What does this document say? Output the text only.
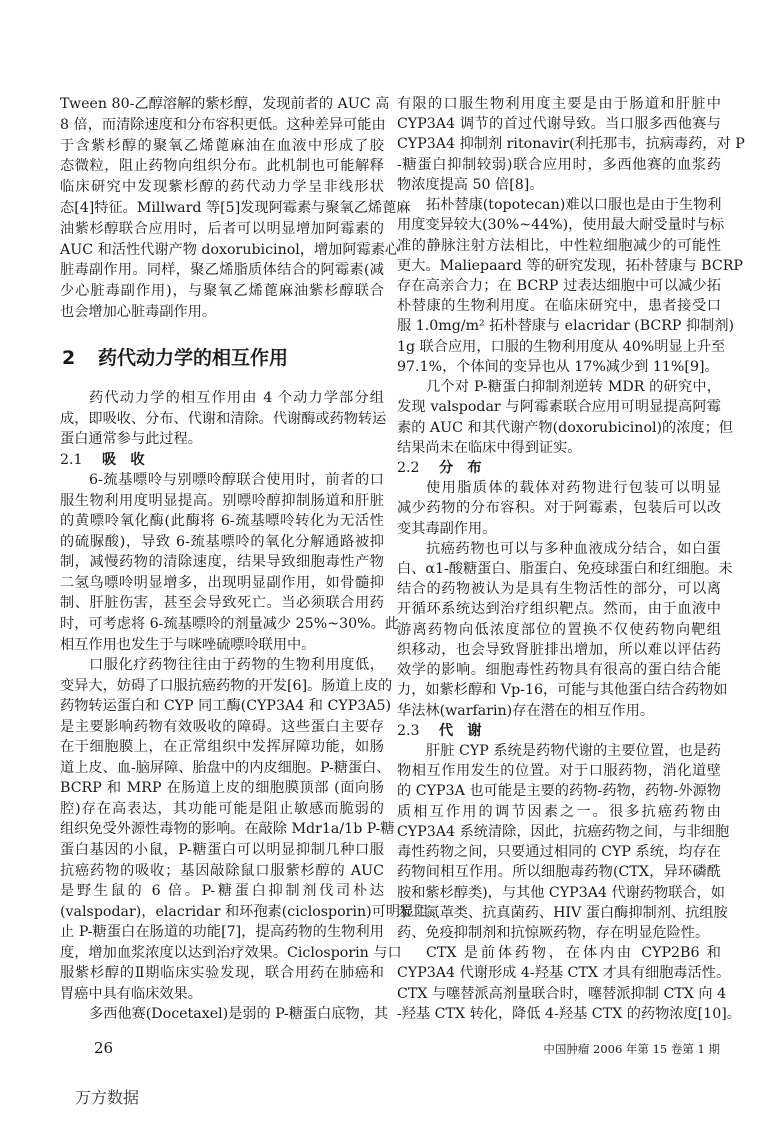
Tween 80-乙醇溶解的紫杉醇，发现前者的 AUC 高
8 倍，而清除速度和分布容积更低。这种差异可能由
于含紫杉醇的聚氧乙烯蓖麻油在血液中形成了胶
态微粒，阻止药物向组织分布。此机制也可能解释
临床研究中发现紫杉醇的药代动力学呈非线形状
态[4]特征。Millward 等[5]发现阿霉素与聚氧乙烯蓖麻
油紫杉醇联合应用时，后者可以明显增加阿霉素的
AUC 和活性代谢产物 doxorubicinol，增加阿霉素心
脏毒副作用。同样，聚乙烯脂质体结合的阿霉素(减
少心脏毒副作用)，与聚氧乙烯蓖麻油紫杉醇联合
也会增加心脏毒副作用。
2 药代动力学的相互作用
药代动力学的相互作用由 4 个动力学部分组
成，即吸收、分布、代谢和清除。代谢酶或药物转运
蛋白通常参与此过程。
2.1 吸　收
6-巯基嘌呤与别嘌呤醇联合使用时，前者的口
服生物利用度明显提高。别嘌呤醇抑制肠道和肝脏
的黄嘌呤氧化酶(此酶将 6-巯基嘌呤转化为无活性
的硫脲酸)，导致 6-巯基嘌呤的氧化分解通路被抑
制，减慢药物的清除速度，结果导致细胞毒性产物
二氢鸟嘌呤明显增多，出现明显副作用，如骨髓抑
制、肝脏伤害，甚至会导致死亡。当必须联合用药
时，可考虑将 6-巯基嘌呤的剂量减少 25%~30%。此
相互作用也发生于与咪唑硫嘌呤联用中。
口服化疗药物往往由于药物的生物利用度低，
变异大，妨碍了口服抗癌药物的开发[6]。肠道上皮的
药物转运蛋白和 CYP 同工酶(CYP3A4 和 CYP3A5)
是主要影响药物有效吸收的障碍。这些蛋白主要存
在于细胞膜上，在正常组织中发挥屏障功能，如肠
道上皮、血-脑屏障、胎盘中的内皮细胞。P-糖蛋白、
BCRP 和 MRP 在肠道上皮的细胞膜顶部 (面向肠
腔)存在高表达，其功能可能是阻止敏感而脆弱的
组织免受外源性毒物的影响。在敲除 Mdr1a/1b P-糖
蛋白基因的小鼠，P-糖蛋白可以明显抑制几种口服
抗癌药物的吸收；基因敲除鼠口服紫杉醇的 AUC
是野生鼠的 6 倍。P-糖蛋白抑制剂伐司朴达
(valspodar)，elacridar 和环孢素(ciclosporin)可明显阻
止 P-糖蛋白在肠道的功能[7]，提高药物的生物利用
度，增加血浆浓度以达到治疗效果。Ciclosporin 与口
服紫杉醇的Ⅱ期临床实验发现，联合用药在肺癌和
胃癌中具有临床效果。
多西他赛(Docetaxel)是弱的 P-糖蛋白底物，其
有限的口服生物利用度主要是由于肠道和肝脏中
CYP3A4 调节的首过代谢导致。当口服多西他赛与
CYP3A4 抑制剂 ritonavir(利托那韦，抗病毒药，对 P
-糖蛋白抑制较弱)联合应用时，多西他赛的血浆药
物浓度提高 50 倍[8]。
拓朴替康(topotecan)难以口服也是由于生物利
用度变异较大(30%~44%)，使用最大耐受量时与标
准的静脉注射方法相比，中性粒细胞减少的可能性
更大。Maliepaard 等的研究发现，拓朴替康与 BCRP
存在高亲合力；在 BCRP 过表达细胞中可以减少拓
朴替康的生物利用度。在临床研究中，患者接受口
服 1.0mg/m² 拓朴替康与 elacridar (BCRP 抑制剂)
1g 联合应用，口服的生物利用度从 40%明显上升至
97.1%，个体间的变异也从 17%减少到 11%[9]。
几个对 P-糖蛋白抑制剂逆转 MDR 的研究中，
发现 valspodar 与阿霉素联合应用可明显提高阿霉
素的 AUC 和其代谢产物(doxorubicinol)的浓度；但
结果尚未在临床中得到证实。
2.2 分　布
使用脂质体的载体对药物进行包装可以明显
减少药物的分布容积。对于阿霉素，包装后可以改
变其毒副作用。
抗癌药物也可以与多种血液成分结合，如白蛋
白、α1-酸糖蛋白、脂蛋白、免疫球蛋白和红细胞。未
结合的药物被认为是具有生物活性的部分，可以离
开循环系统达到治疗组织靶点。然而，由于血液中
游离药物向低浓度部位的置换不仅使药物向靶组
织移动，也会导致肾脏排出增加，所以难以评估药
效学的影响。细胞毒性药物具有很高的蛋白结合能
力，如紫杉醇和 Vp-16，可能与其他蛋白结合药物如
华法林(warfarin)存在潜在的相互作用。
2.3 代　谢
肝脏 CYP 系统是药物代谢的主要位置，也是药
物相互作用发生的位置。对于口服药物，消化道壁
的 CYP3A 也可能是主要的药物-药物，药物-外源物
质相互作用的调节因素之一。很多抗癌药物由
CYP3A4 系统清除，因此，抗癌药物之间，与非细胞
毒性药物之间，只要通过相同的 CYP 系统，均存在
药物间相互作用。所以细胞毒药物(CTX，异环磷酰
胺和紫杉醇类)，与其他 CYP3A4 代谢药物联合，如
苯二氮䓬类、抗真菌药、HIV 蛋白酶抑制剂、抗组胺
药、免疫抑制剂和抗惊厥药物，存在明显危险性。
CTX 是前体药物，在体内由 CYP2B6 和
CYP3A4 代谢形成 4-羟基 CTX 才具有细胞毒活性。
CTX 与噻替派高剂量联合时，噻替派抑制 CTX 向 4
-羟基 CTX 转化，降低 4-羟基 CTX 的药物浓度[10]。
26	中国肿瘤 2006 年第 15 卷第 1 期
万方数据
